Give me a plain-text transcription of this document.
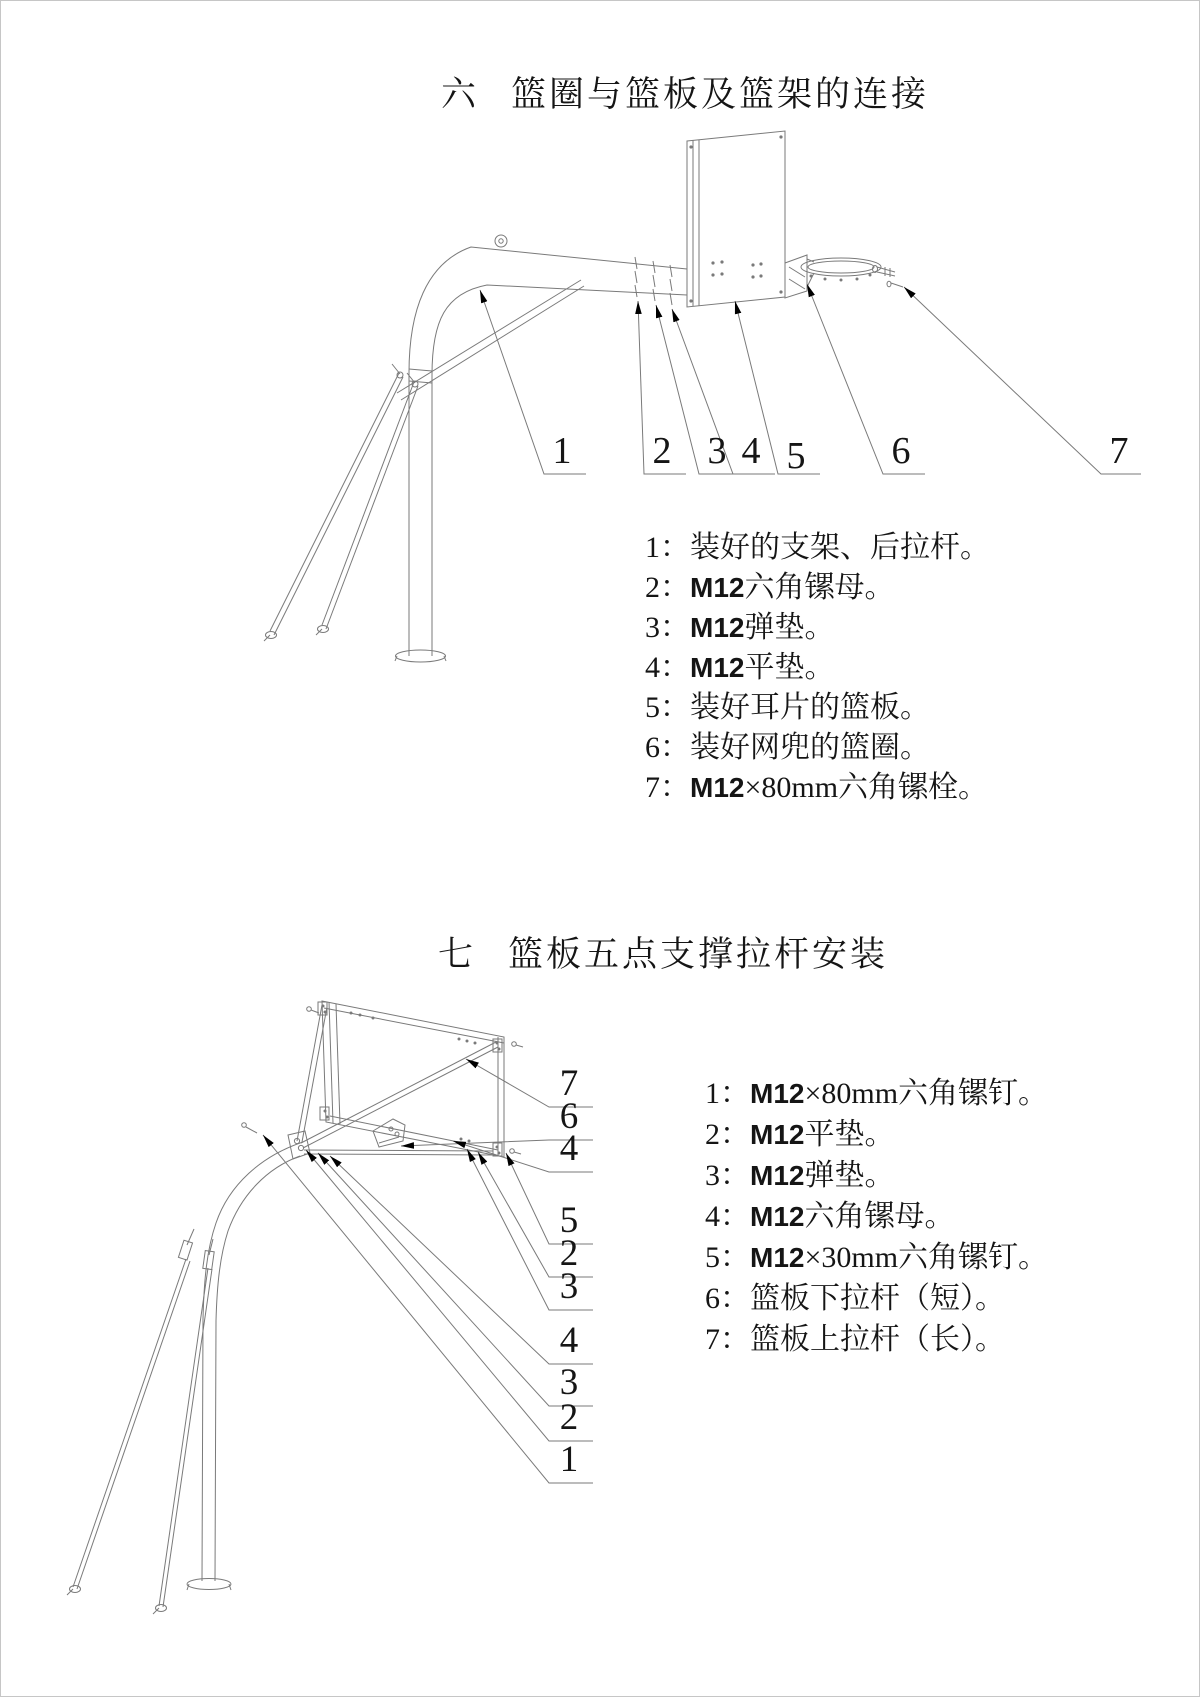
六 篮圈与篮板及篮架的连接
1 2 3 4 5 6	7
1：装好的支架、后拉杆。
2：M12六角镙母。
3：M12弹垫。
4：M12平垫。
5：装好耳片的篮板。
6：装好网兜的篮圈。
7：M12×80mm六角镙栓。
七 篮板五点支撑拉杆安装
7
6
4
5
2
3
4
3
2
1
1：M12×80mm六角镙钉。
2：M12平垫。
3：M12弹垫。
4：M12六角镙母。
5：M12×30mm六角镙钉。
6：篮板下拉杆（短）。
7：篮板上拉杆（长）。
